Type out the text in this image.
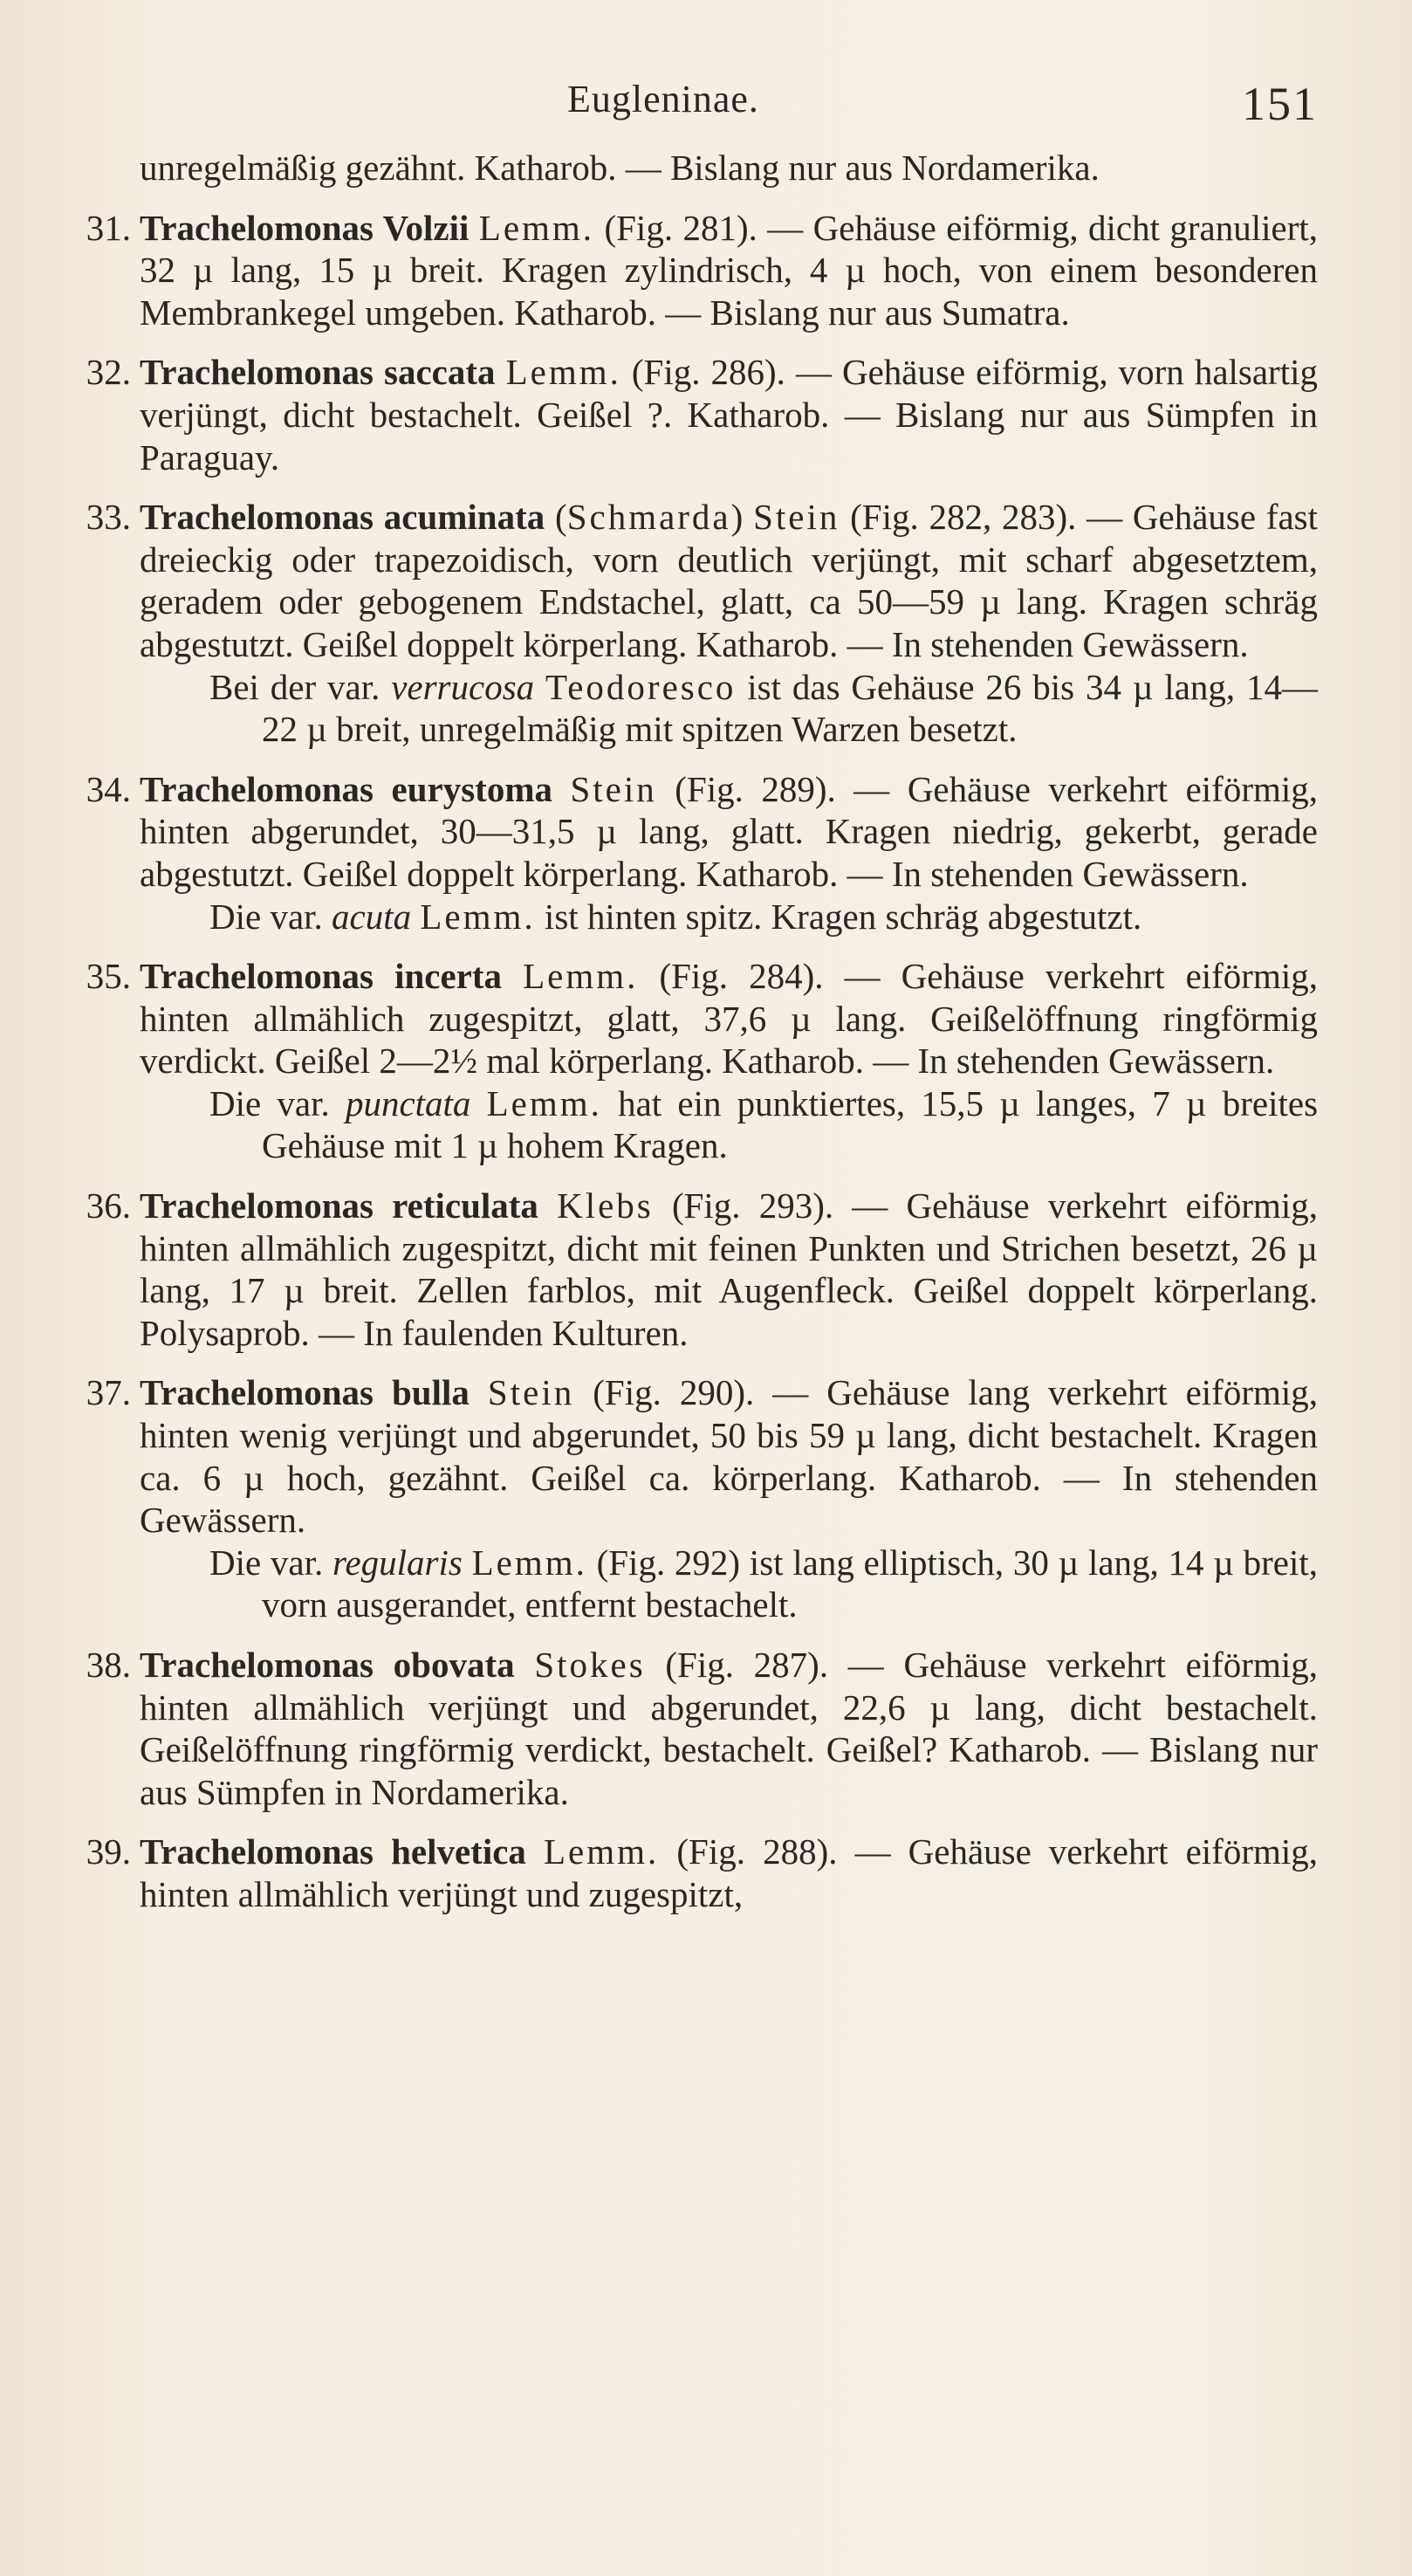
Eugleninae.	151

unregelmäßig gezähnt. Katharob. — Bislang nur aus Nordamerika.

31. Trachelomonas Volzii Lemm. (Fig. 281). — Gehäuse eiförmig, dicht granuliert, 32 µ lang, 15 µ breit. Kragen zylindrisch, 4 µ hoch, von einem besonderen Membrankegel umgeben. Katharob. — Bislang nur aus Sumatra.

32. Trachelomonas saccata Lemm. (Fig. 286). — Gehäuse eiförmig, vorn halsartig verjüngt, dicht bestachelt. Geißel ?. Katharob. — Bislang nur aus Sümpfen in Paraguay.

33. Trachelomonas acuminata (Schmarda) Stein (Fig. 282, 283). — Gehäuse fast dreieckig oder trapezoidisch, vorn deutlich verjüngt, mit scharf abgesetztem, geradem oder gebogenem Endstachel, glatt, ca 50—59 µ lang. Kragen schräg abgestutzt. Geißel doppelt körperlang. Katharob. — In stehenden Gewässern.

Bei der var. verrucosa Teodoresco ist das Gehäuse 26 bis 34 µ lang, 14—22 µ breit, unregelmäßig mit spitzen Warzen besetzt.

34. Trachelomonas eurystoma Stein (Fig. 289). — Gehäuse verkehrt eiförmig, hinten abgerundet, 30—31,5 µ lang, glatt. Kragen niedrig, gekerbt, gerade abgestutzt. Geißel doppelt körperlang. Katharob. — In stehenden Gewässern.

Die var. acuta Lemm. ist hinten spitz. Kragen schräg abgestutzt.

35. Trachelomonas incerta Lemm. (Fig. 284). — Gehäuse verkehrt eiförmig, hinten allmählich zugespitzt, glatt, 37,6 µ lang. Geißelöffnung ringförmig verdickt. Geißel 2—2½ mal körperlang. Katharob. — In stehenden Gewässern.

Die var. punctata Lemm. hat ein punktiertes, 15,5 µ langes, 7 µ breites Gehäuse mit 1 µ hohem Kragen.

36. Trachelomonas reticulata Klebs (Fig. 293). — Gehäuse verkehrt eiförmig, hinten allmählich zugespitzt, dicht mit feinen Punkten und Strichen besetzt, 26 µ lang, 17 µ breit. Zellen farblos, mit Augenfleck. Geißel doppelt körperlang. Polysaprob. — In faulenden Kulturen.

37. Trachelomonas bulla Stein (Fig. 290). — Gehäuse lang verkehrt eiförmig, hinten wenig verjüngt und abgerundet, 50 bis 59 µ lang, dicht bestachelt. Kragen ca. 6 µ hoch, gezähnt. Geißel ca. körperlang. Katharob. — In stehenden Gewässern.

Die var. regularis Lemm. (Fig. 292) ist lang elliptisch, 30 µ lang, 14 µ breit, vorn ausgerandet, entfernt bestachelt.

38. Trachelomonas obovata Stokes (Fig. 287). — Gehäuse verkehrt eiförmig, hinten allmählich verjüngt und abgerundet, 22,6 µ lang, dicht bestachelt. Geißelöffnung ringförmig verdickt, bestachelt. Geißel? Katharob. — Bislang nur aus Sümpfen in Nordamerika.

39. Trachelomonas helvetica Lemm. (Fig. 288). — Gehäuse verkehrt eiförmig, hinten allmählich verjüngt und zugespitzt,
